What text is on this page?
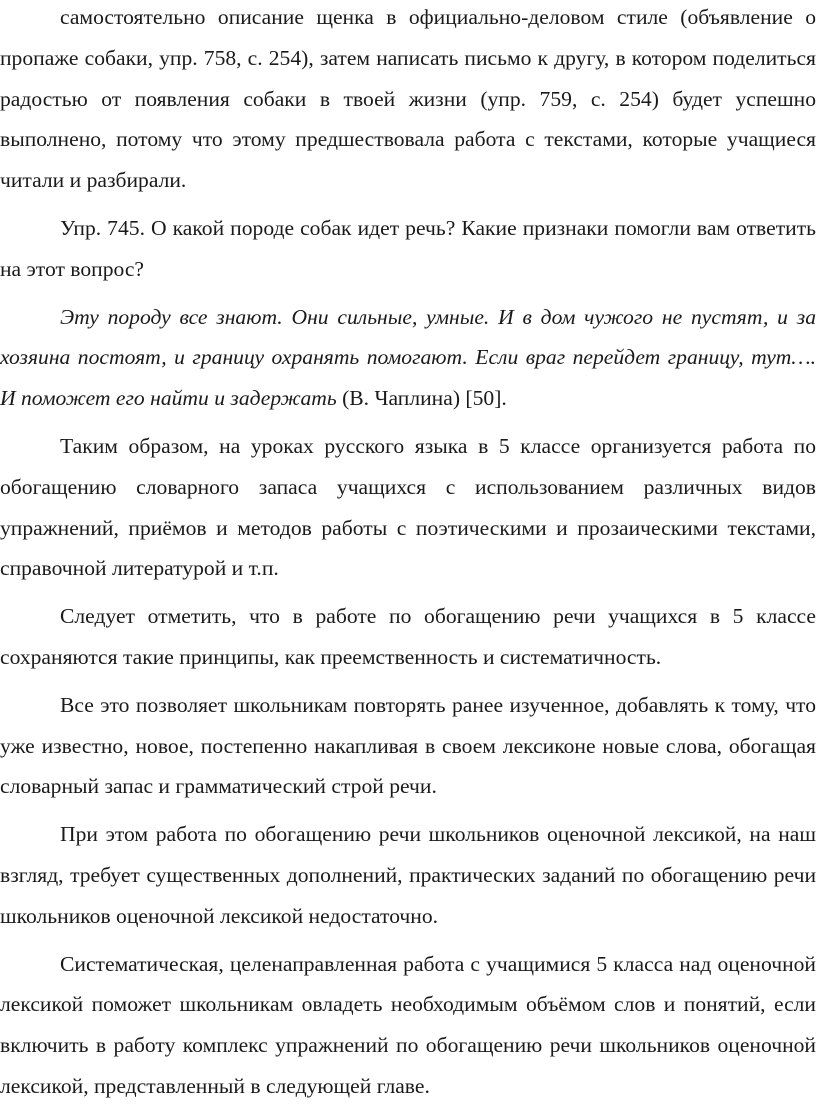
самостоятельно описание щенка в официально-деловом стиле (объявление о пропаже собаки, упр. 758, с. 254), затем написать письмо к другу, в котором поделиться радостью от появления собаки в твоей жизни (упр. 759, с. 254) будет успешно выполнено, потому что этому предшествовала работа с текстами, которые учащиеся читали и разбирали.

Упр. 745. О какой породе собак идет речь? Какие признаки помогли вам ответить на этот вопрос?

Эту породу все знают. Они сильные, умные. И в дом чужого не пустят, и за хозяина постоят, и границу охранять помогают. Если враг перейдет границу, тут…. И поможет его найти и задержать (В. Чаплина) [50].

Таким образом, на уроках русского языка в 5 классе организуется работа по обогащению словарного запаса учащихся с использованием различных видов упражнений, приёмов и методов работы с поэтическими и прозаическими текстами, справочной литературой и т.п.

Следует отметить, что в работе по обогащению речи учащихся в 5 классе сохраняются такие принципы, как преемственность и систематичность.

Все это позволяет школьникам повторять ранее изученное, добавлять к тому, что уже известно, новое, постепенно накапливая в своем лексиконе новые слова, обогащая словарный запас и грамматический строй речи.

При этом работа по обогащению речи школьников оценочной лексикой, на наш взгляд, требует существенных дополнений, практических заданий по обогащению речи школьников оценочной лексикой недостаточно.

Систематическая, целенаправленная работа с учащимися 5 класса над оценочной лексикой поможет школьникам овладеть необходимым объёмом слов и понятий, если включить в работу комплекс упражнений по обогащению речи школьников оценочной лексикой, представленный в следующей главе.
